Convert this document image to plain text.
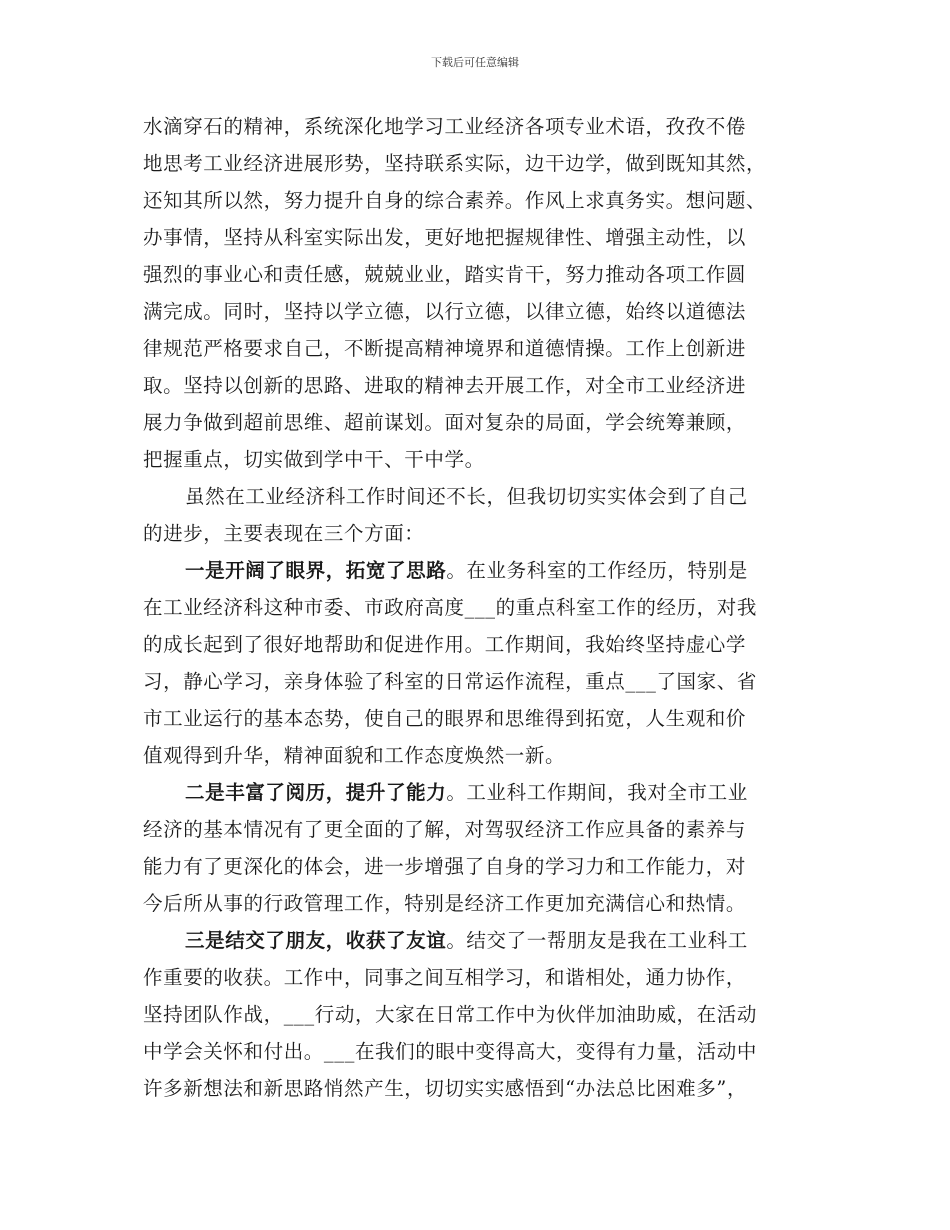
下载后可任意编辑
水滴穿石的精神，系统深化地学习工业经济各项专业术语，孜孜不倦
地思考工业经济进展形势，坚持联系实际，边干边学，做到既知其然，
还知其所以然，努力提升自身的综合素养。作风上求真务实。想问题、
办事情，坚持从科室实际出发，更好地把握规律性、增强主动性，以
强烈的事业心和责任感，兢兢业业，踏实肯干，努力推动各项工作圆
满完成。同时，坚持以学立德，以行立德，以律立德，始终以道德法
律规范严格要求自己，不断提高精神境界和道德情操。工作上创新进
取。坚持以创新的思路、进取的精神去开展工作，对全市工业经济进
展力争做到超前思维、超前谋划。面对复杂的局面，学会统筹兼顾，
把握重点，切实做到学中干、干中学。
虽然在工业经济科工作时间还不长，但我切切实实体会到了自己
的进步，主要表现在三个方面：
一是开阔了眼界，拓宽了思路。在业务科室的工作经历，特别是
在工业经济科这种市委、市政府高度___的重点科室工作的经历，对我
的成长起到了很好地帮助和促进作用。工作期间，我始终坚持虚心学
习，静心学习，亲身体验了科室的日常运作流程，重点___了国家、省
市工业运行的基本态势，使自己的眼界和思维得到拓宽，人生观和价
值观得到升华，精神面貌和工作态度焕然一新。
二是丰富了阅历，提升了能力。工业科工作期间，我对全市工业
经济的基本情况有了更全面的了解，对驾驭经济工作应具备的素养与
能力有了更深化的体会，进一步增强了自身的学习力和工作能力，对
今后所从事的行政管理工作，特别是经济工作更加充满信心和热情。
三是结交了朋友，收获了友谊。结交了一帮朋友是我在工业科工
作重要的收获。工作中，同事之间互相学习，和谐相处，通力协作，
坚持团队作战，___行动，大家在日常工作中为伙伴加油助威，在活动
中学会关怀和付出。___在我们的眼中变得高大，变得有力量，活动中
许多新想法和新思路悄然产生，切切实实感悟到“办法总比困难多”，
